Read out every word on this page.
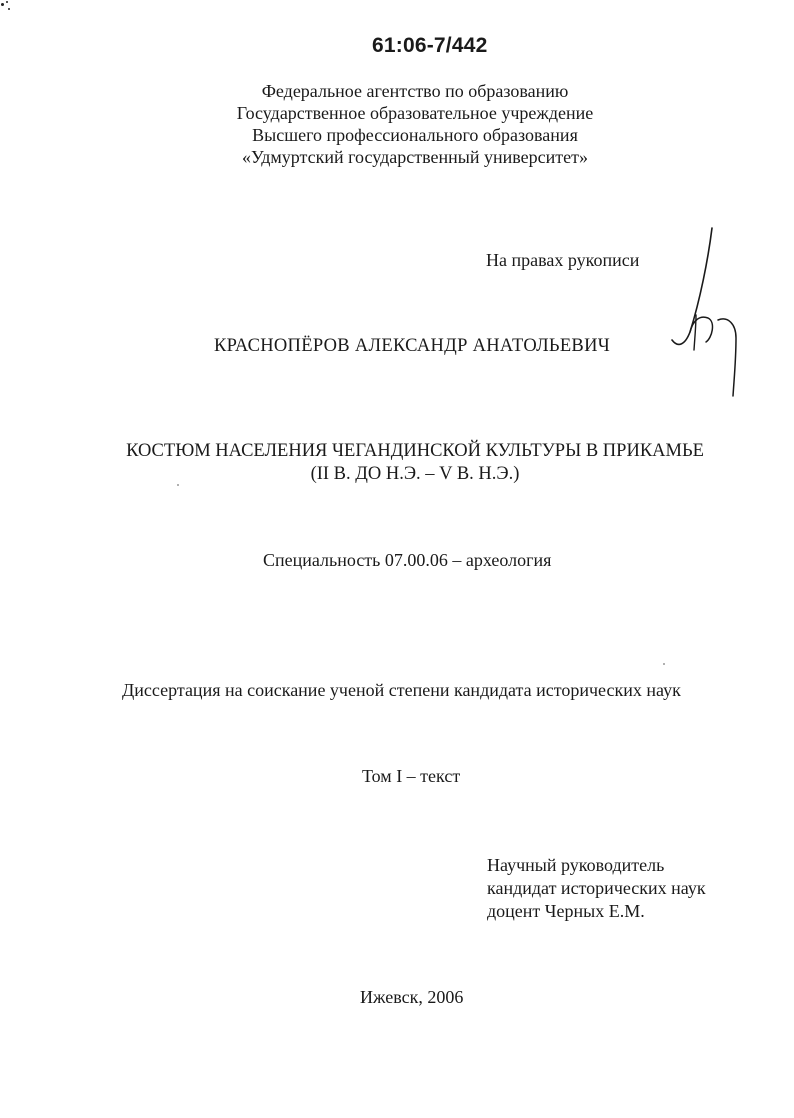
61:06-7/442
Федеральное агентство по образованию
Государственное образовательное учреждение
Высшего профессионального образования
«Удмуртский государственный университет»
На правах рукописи
КРАСНОПЁРОВ АЛЕКСАНДР АНАТОЛЬЕВИЧ
КОСТЮМ НАСЕЛЕНИЯ ЧЕГАНДИНСКОЙ КУЛЬТУРЫ В ПРИКАМЬЕ
(II В. ДО Н.Э. – V В. Н.Э.)
Специальность 07.00.06 – археология
Диссертация на соискание ученой степени кандидата исторических наук
Том I – текст
Научный руководитель
кандидат исторических наук
доцент Черных Е.М.
Ижевск, 2006
